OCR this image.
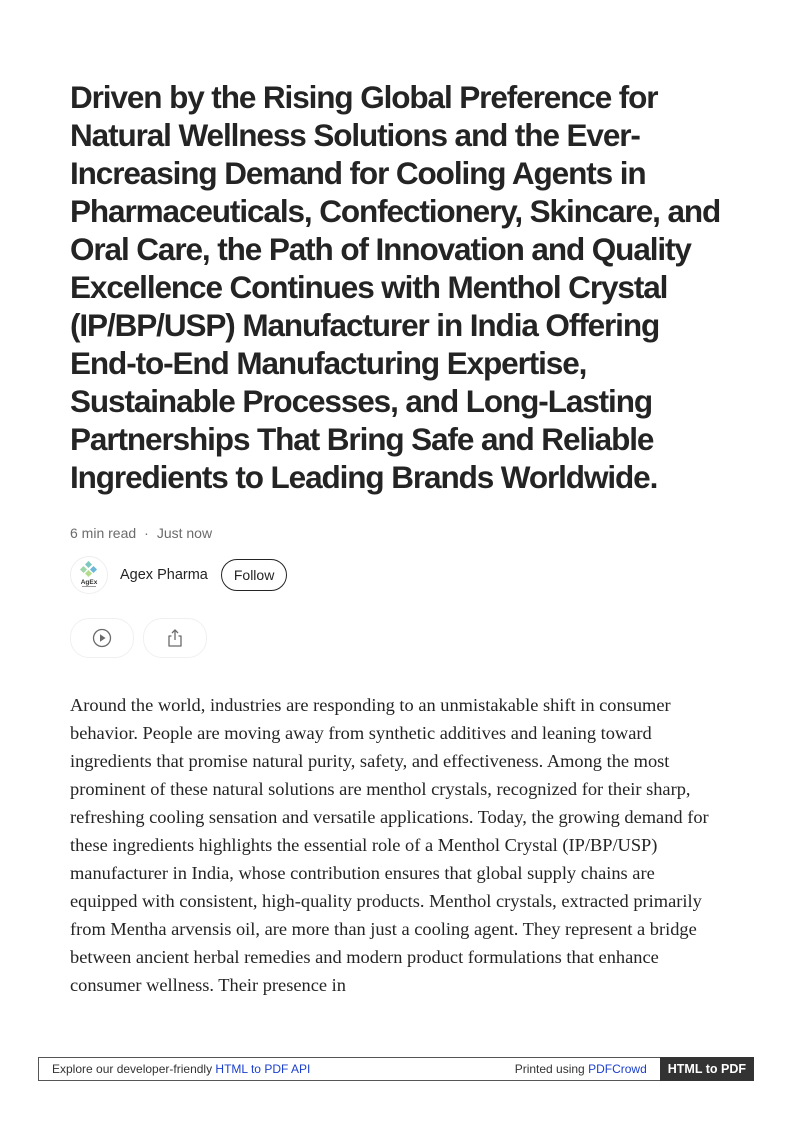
Driven by the Rising Global Preference for Natural Wellness Solutions and the Ever-Increasing Demand for Cooling Agents in Pharmaceuticals, Confectionery, Skincare, and Oral Care, the Path of Innovation and Quality Excellence Continues with Menthol Crystal (IP/BP/USP) Manufacturer in India Offering End-to-End Manufacturing Expertise, Sustainable Processes, and Long-Lasting Partnerships That Bring Safe and Reliable Ingredients to Leading Brands Worldwide.
6 min read · Just now
AgEx Agex Pharma	Follow

Around the world, industries are responding to an unmistakable shift in consumer behavior. People are moving away from synthetic additives and leaning toward ingredients that promise natural purity, safety, and effectiveness. Among the most prominent of these natural solutions are menthol crystals, recognized for their sharp, refreshing cooling sensation and versatile applications. Today, the growing demand for these ingredients highlights the essential role of a Menthol Crystal (IP/BP/USP) manufacturer in India, whose contribution ensures that global supply chains are equipped with consistent, high-quality products. Menthol crystals, extracted primarily from Mentha arvensis oil, are more than just a cooling agent. They represent a bridge between ancient herbal remedies and modern product formulations that enhance consumer wellness. Their presence in

Explore our developer-friendly HTML to PDF API	Printed using PDFCrowd	HTML to PDF
